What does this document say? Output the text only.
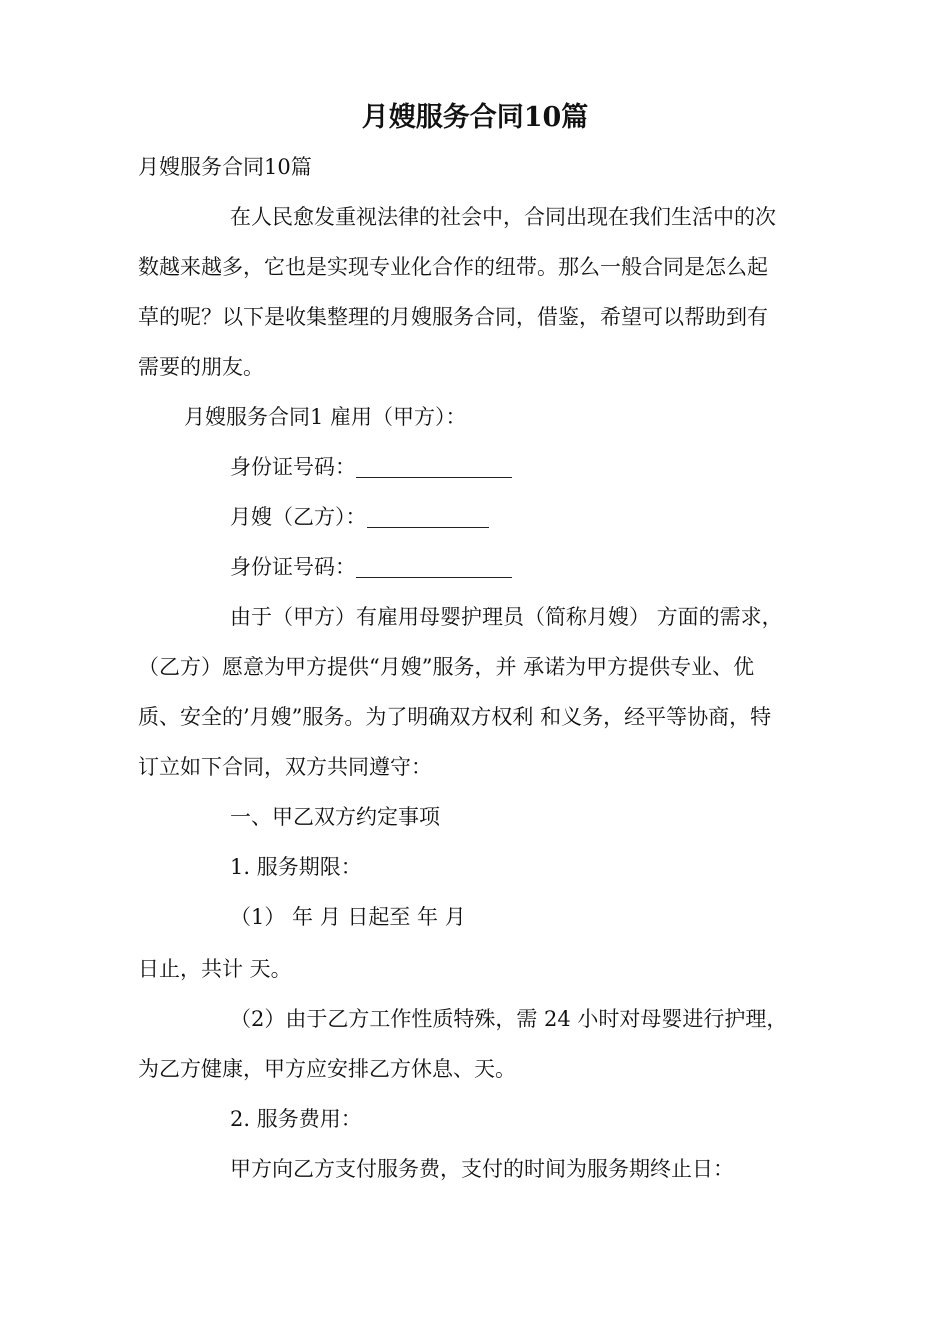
月嫂服务合同10篇
月嫂服务合同10篇
在人民愈发重视法律的社会中，合同出现在我们生活中的次
数越来越多，它也是实现专业化合作的纽带。那么一般合同是怎么起
草的呢？以下是收集整理的月嫂服务合同，借鉴，希望可以帮助到有
需要的朋友。
月嫂服务合同1 雇用（甲方）：
身份证号码：
月嫂（乙方）：
身份证号码：
由于（甲方）有雇用母婴护理员（简称月嫂） 方面的需求，
（乙方）愿意为甲方提供“月嫂”服务，并 承诺为甲方提供专业、优
质、安全的’月嫂”服务。为了明确双方权利 和义务，经平等协商，特
订立如下合同，双方共同遵守：
一、甲乙双方约定事项
1. 服务期限：
（1） 年 月 日起至 年 月
日止，共计 天。
（2）由于乙方工作性质特殊，需 24 小时对母婴进行护理，
为乙方健康，甲方应安排乙方休息、天。
2. 服务费用：
甲方向乙方支付服务费，支付的时间为服务期终止日：
